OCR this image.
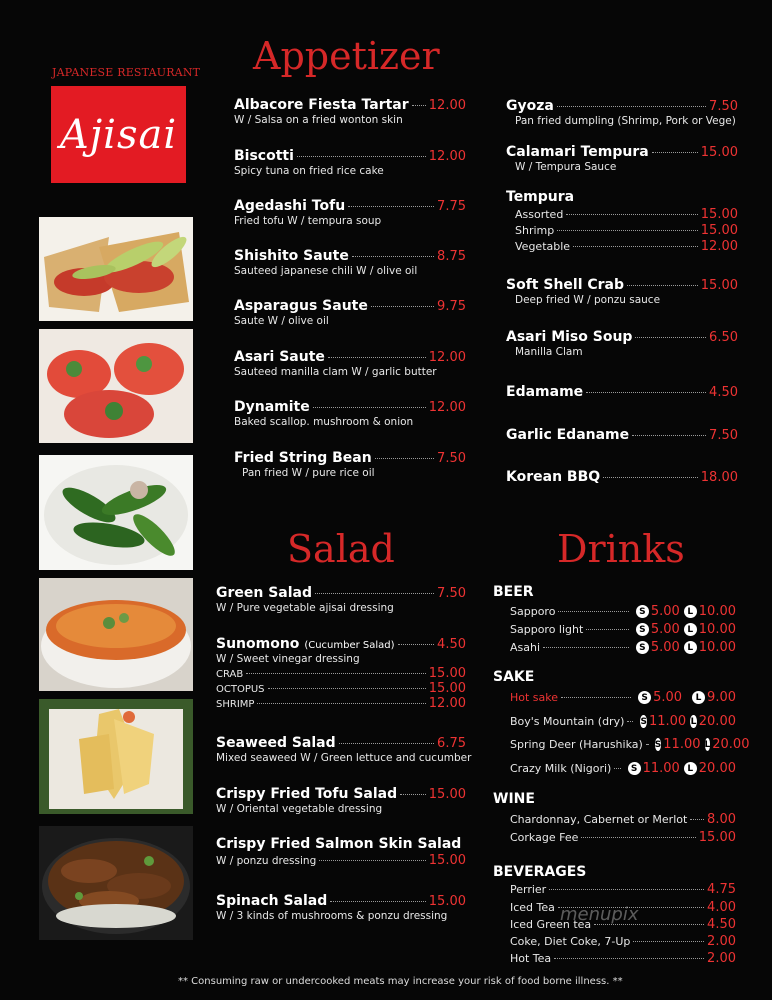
JAPANESE RESTAURANT
Ajisai
Appetizer
Salad	Drinks
Albacore Fiesta Tartar 12.00
W / Salsa on a fried wonton skin
Biscotti	12.00
Spicy tuna on fried rice cake
Agedashi Tofu	7.75
Fried tofu W / tempura soup
Shishito Saute	8.75
Sauteed japanese chili W / olive oil
Asparagus Saute	9.75
Saute W / olive oil
Asari Saute	12.00
Sauteed manilla clam W / garlic butter
Dynamite	12.00
Baked scallop. mushroom & onion
Fried String Bean	7.50
Pan fried W / pure rice oil
Gyoza	7.50
Pan fried dumpling (Shrimp, Pork or Vege)
Calamari Tempura	15.00
W / Tempura Sauce
Tempura
Assorted	15.00
Shrimp	15.00
Vegetable	12.00
Soft Shell Crab	15.00
Deep fried W / ponzu sauce
Asari Miso Soup	6.50
Manilla Clam
Edamame	4.50
Garlic Edaname	7.50
Korean BBQ	18.00
Green Salad	7.50
W / Pure vegetable ajisai dressing
Sunomono (Cucumber Salad)	4.50
W / Sweet vinegar dressing
CRAB	15.00
OCTOPUS	15.00
SHRIMP	12.00
Seaweed Salad	6.75
Mixed seaweed W / Green lettuce and cucumber
Crispy Fried Tofu Salad 15.00
W / Oriental vegetable dressing
Crispy Fried Salmon Skin Salad
W / ponzu dressing	15.00
Spinach Salad	15.00
W / 3 kinds of mushrooms & ponzu dressing
BEER
Sapporo	S 5.00 L 10.00
Sapporo light	S 5.00 L 10.00
Asahi	S 5.00 L 10.00
SAKE
Hot sake	S 5.00	L 9.00
Boy's Mountain (dry) S 11.00 L 20.00
Spring Deer (Harushika) S 11.00 L 20.00
Crazy Milk (Nigori)	S 11.00 L 20.00
WINE
Chardonnay, Cabernet or Merlot 8.00
Corkage Fee	15.00
BEVERAGES
Perrier	4.75
Iced Tea	4.00
Iced Green tea	4.50
Coke, Diet Coke, 7-Up	2.00
Hot Tea	2.00
menupix
** Consuming raw or undercooked meats may increase your risk of food borne illness. **
